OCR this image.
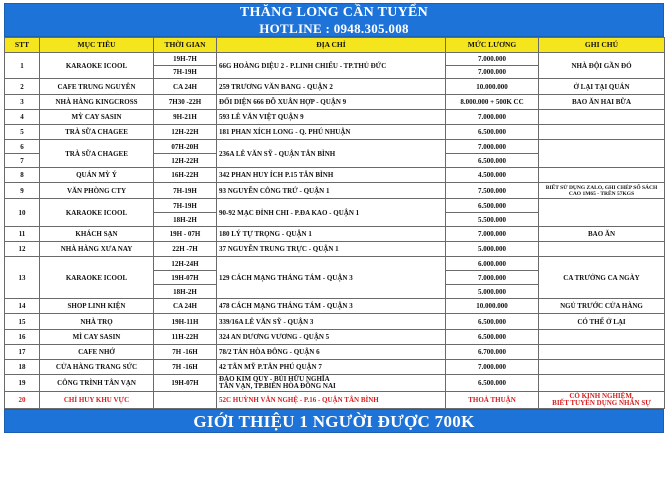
THĂNG LONG CẦN TUYỂN
HOTLINE : 0948.305.008
STT	MỤC TIÊU	THỜI GIAN	ĐỊA CHỈ	MỨC LƯƠNG	GHI CHÚ
1	KARAOKE ICOOL	19H-7H	66G HOÀNG DIỆU 2 - P.LINH CHIỂU - TP.THỦ ĐỨC	7.000.000	NHÀ ĐỘI GẦN ĐÓ
		7H-19H		7.000.000	
2	CAFE TRUNG NGUYÊN	CA 24H	259 TRƯƠNG VĂN BANG - QUẬN 2	10.000.000	Ở LẠI TẠI QUÁN
3	NHÀ HÀNG KINGCROSS	7H30 -22H	ĐỐI DIỆN 666 ĐỖ XUÂN HỢP - QUẬN 9	8.000.000 + 500K CC	BAO ĂN HAI BỮA
4	MỲ CAY SASIN	9H-21H	593 LÊ VĂN VIỆT QUẬN 9	7.000.000	
5	TRÀ SỮA CHAGEE	12H-22H	181 PHAN XÍCH LONG - Q. PHÚ NHUẬN	6.500.000	
6	TRÀ SỮA CHAGEE	07H-20H	236A LÊ VĂN SỸ - QUẬN TÂN BÌNH	7.000.000	
7		12H-22H		6.500.000	
8	QUÁN MỲ Ý	16H-22H	342 PHAN HUY ÍCH P.15 TÂN BÌNH	4.500.000	
9	VĂN PHÒNG CTY	7H-19H	93 NGUYỄN CÔNG TRỨ - QUẬN 1	7.500.000	BIẾT SỬ DỤNG ZALO, GHI CHÉP SỔ SÁCH CAO 1M65 - TRÊN 57KGS
10	KARAOKE ICOOL	7H-19H	90-92 MẠC ĐỈNH CHI - P.ĐA KAO - QUẬN 1	6.500.000	
		18H-2H		5.500.000	
11	KHÁCH SẠN	19H - 07H	180 LÝ TỰ TRỌNG - QUẬN 1	7.000.000	BAO ĂN
12	NHÀ HÀNG XƯA NAY	22H -7H	37 NGUYỄN TRUNG TRỰC - QUẬN 1	5.000.000	
13	KARAOKE ICOOL	12H-24H	129 CÁCH MẠNG THÁNG TÁM - QUẬN 3	6.000.000	CA TRƯỞNG CA NGÀY
		19H-07H		7.000.000	
		18H-2H		5.000.000	
14	SHOP LINH KIỆN	CA 24H	478 CÁCH MẠNG THÁNG TÁM - QUẬN 3	10.000.000	NGỦ TRƯỚC CỬA HÀNG
15	NHÀ TRỌ	19H-11H	339/16A LÊ VĂN SỸ - QUẬN 3	6.500.000	CÓ THỂ Ở LẠI
16	MÌ CAY SASIN	11H-22H	324 AN DƯƠNG VƯƠNG - QUẬN 5	6.500.000	
17	CAFE NHỚ	7H -16H	78/2 TẢN HÒA ĐÔNG - QUẬN 6	6.700.000	
18	CỬA HÀNG TRANG SỨC	7H -16H	42 TÂN MỸ P.TÂN PHÚ QUẬN 7	7.000.000	
19	CÔNG TRÌNH TÂN VẠN	19H-07H	ĐẢO KIM QUY - BÙI HỮU NGHĨA
TÂN VẠN, TP.BIÊN HÒA ĐỒNG NAI	6.500.000	
20	CHỈ HUY KHU VỰC		52C HUỲNH VĂN NGHỆ - P.16 - QUẬN TÂN BÌNH	THOẢ THUẬN	CÓ KINH NGHIỆM,
BIẾT TUYỂN DỤNG NHÂN SỰ
GIỚI THIỆU 1 NGƯỜI ĐƯỢC 700K
